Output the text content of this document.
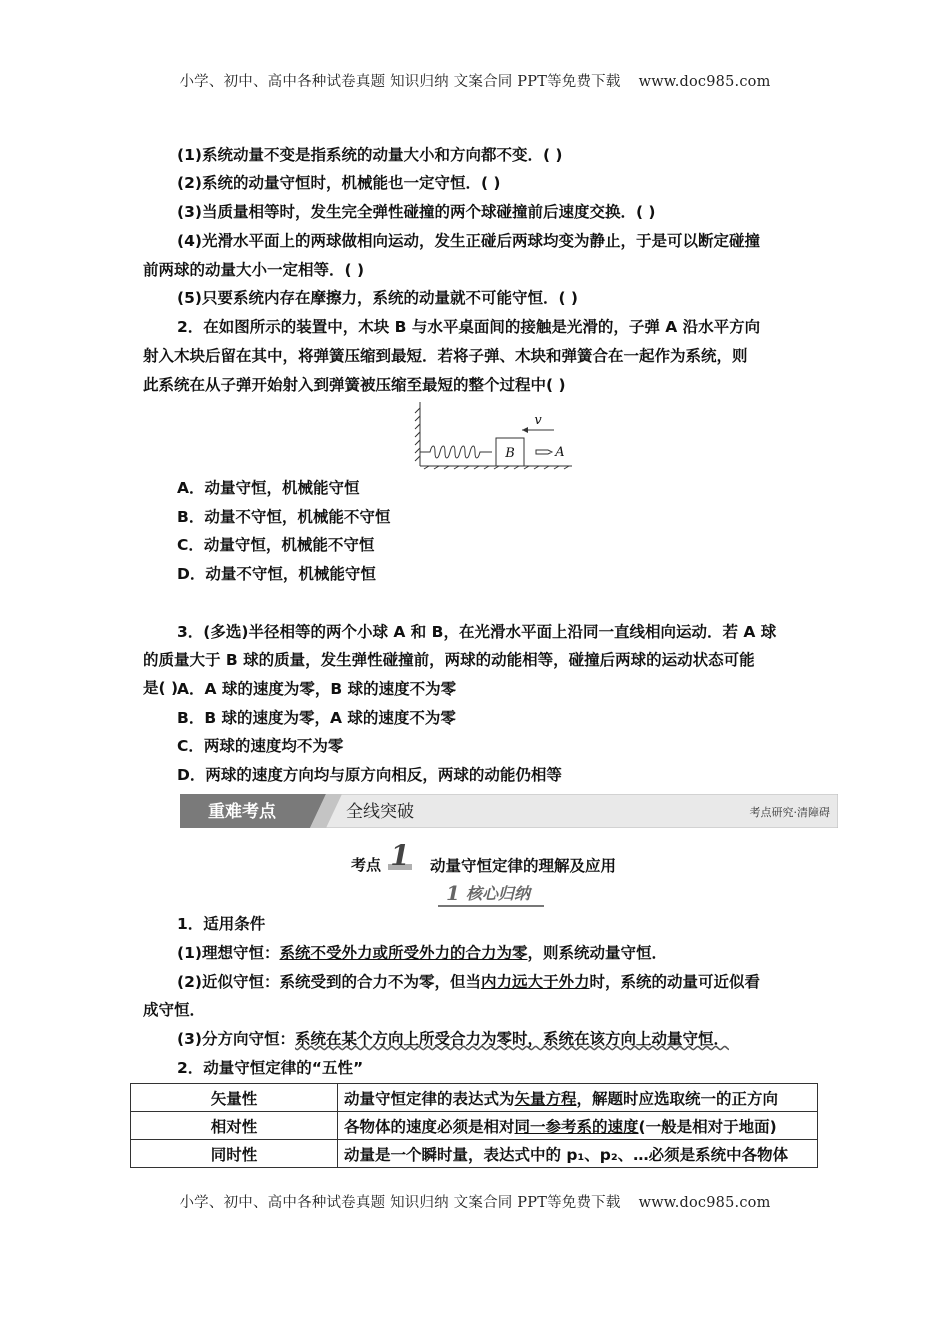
小学、初中、高中各种试卷真题 知识归纳 文案合同 PPT等免费下载 www.doc985.com
(1)系统动量不变是指系统的动量大小和方向都不变．( )
(2)系统的动量守恒时，机械能也一定守恒．( )
(3)当质量相等时，发生完全弹性碰撞的两个球碰撞前后速度交换．( )
(4)光滑水平面上的两球做相向运动，发生正碰后两球均变为静止，于是可以断定碰撞
前两球的动量大小一定相等．( )
(5)只要系统内存在摩擦力，系统的动量就不可能守恒．( )
2．在如图所示的装置中，木块 B 与水平桌面间的接触是光滑的，子弹 A 沿水平方向
射入木块后留在其中，将弹簧压缩到最短．若将子弹、木块和弹簧合在一起作为系统，则
此系统在从子弹开始射入到弹簧被压缩至最短的整个过程中( )
B	A
v
A．动量守恒，机械能守恒
B．动量不守恒，机械能不守恒
C．动量守恒，机械能不守恒
D．动量不守恒，机械能守恒
3．(多选)半径相等的两个小球 A 和 B，在光滑水平面上沿同一直线相向运动．若 A 球
的质量大于 B 球的质量，发生弹性碰撞前，两球的动能相等，碰撞后两球的运动状态可能
是( )
A．A 球的速度为零，B 球的速度不为零
B．B 球的速度为零，A 球的速度不为零
C．两球的速度均不为零
D．两球的速度方向均与原方向相反，两球的动能仍相等
重难考点	全线突破	考点研究·清障碍
考点 1 动量守恒定律的理解及应用
1 核心归纳
1．适用条件
(1)理想守恒：系统不受外力或所受外力的合力为零，则系统动量守恒．
(2)近似守恒：系统受到的合力不为零，但当内力远大于外力时，系统的动量可近似看
成守恒．
(3)分方向守恒：系统在某个方向上所受合力为零时，系统在该方向上动量守恒．
2．动量守恒定律的“五性”
矢量性	动量守恒定律的表达式为矢量方程，解题时应选取统一的正方向
相对性	各物体的速度必须是相对同一参考系的速度(一般是相对于地面)
同时性	动量是一个瞬时量，表达式中的 p₁、p₂、…必须是系统中各物体
小学、初中、高中各种试卷真题 知识归纳 文案合同 PPT等免费下载 www.doc985.com
